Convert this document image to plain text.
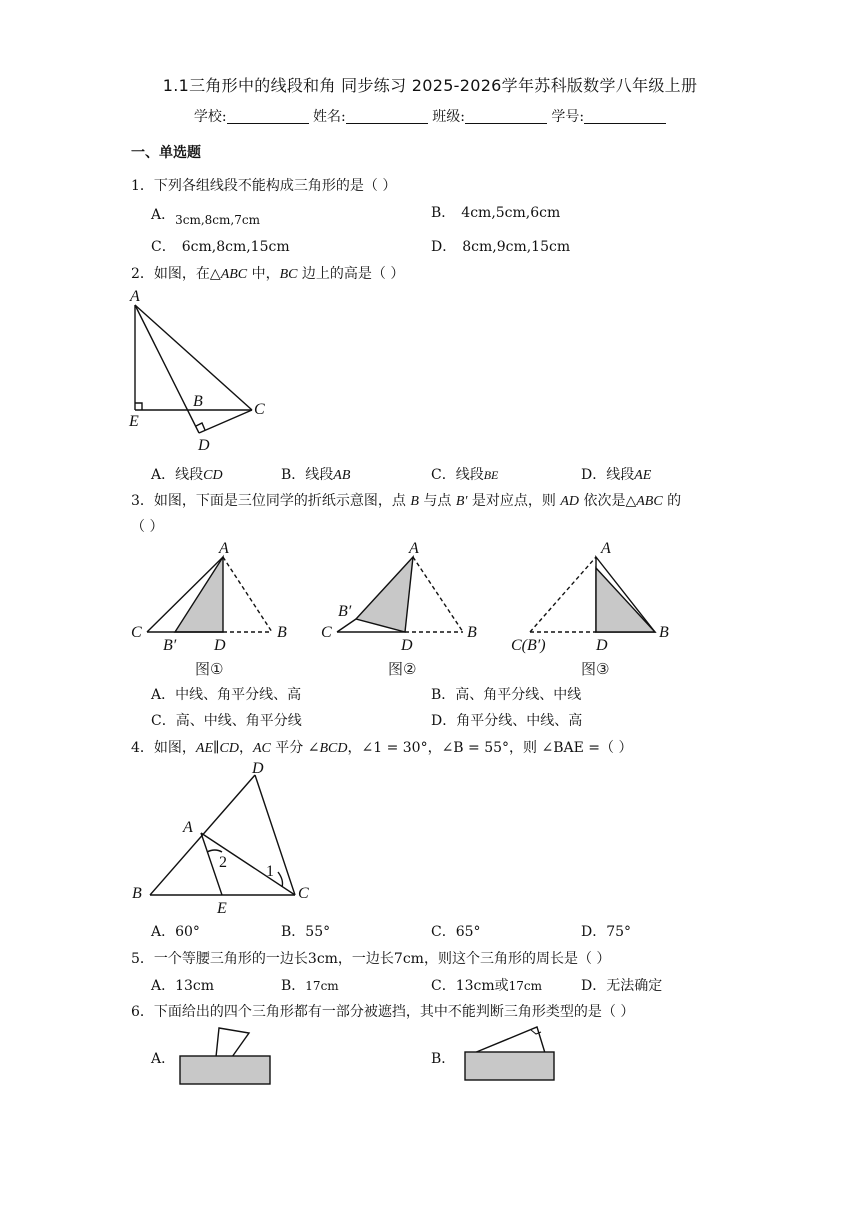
1.1三角形中的线段和角 同步练习 2025-2026学年苏科版数学八年级上册
学校:	姓名:	班级:	学号:
一、单选题
1．下列各组线段不能构成三角形的是（ ）
A．3cm,8cm,7cm	B． 4cm,5cm,6cm
C． 6cm,8cm,15cm	D． 8cm,9cm,15cm
2．如图，在△ABC 中，BC 边上的高是（ ）
A
B	C
D
E
A．线段CD	B．线段AB	C．线段BE	D．线段AE
3．如图，下面是三位同学的折纸示意图，点 B 与点 B′ 是对应点，则 AD 依次是△ABC 的
（ ）
A
C
B′ D
B
A
B′
C
D
B
A
C(B′)	D
B
图①	图②	图③
A．中线、角平分线、高	B．高、角平分线、中线
C．高、中线、角平分线	D．角平分线、中线、高
4．如图，AE∥CD，AC 平分 ∠BCD，∠1 = 30°，∠B = 55°，则 ∠BAE =（ ）
D
A
B	C
E
2
1
A．60°	B．55°	C．65°	D．75°
5．一个等腰三角形的一边长3cm，一边长7cm，则这个三角形的周长是（ ）
A．13cm	B．17cm	C．13cm或17cm	D．无法确定
6．下面给出的四个三角形都有一部分被遮挡，其中不能判断三角形类型的是（ ）
A．	B．
